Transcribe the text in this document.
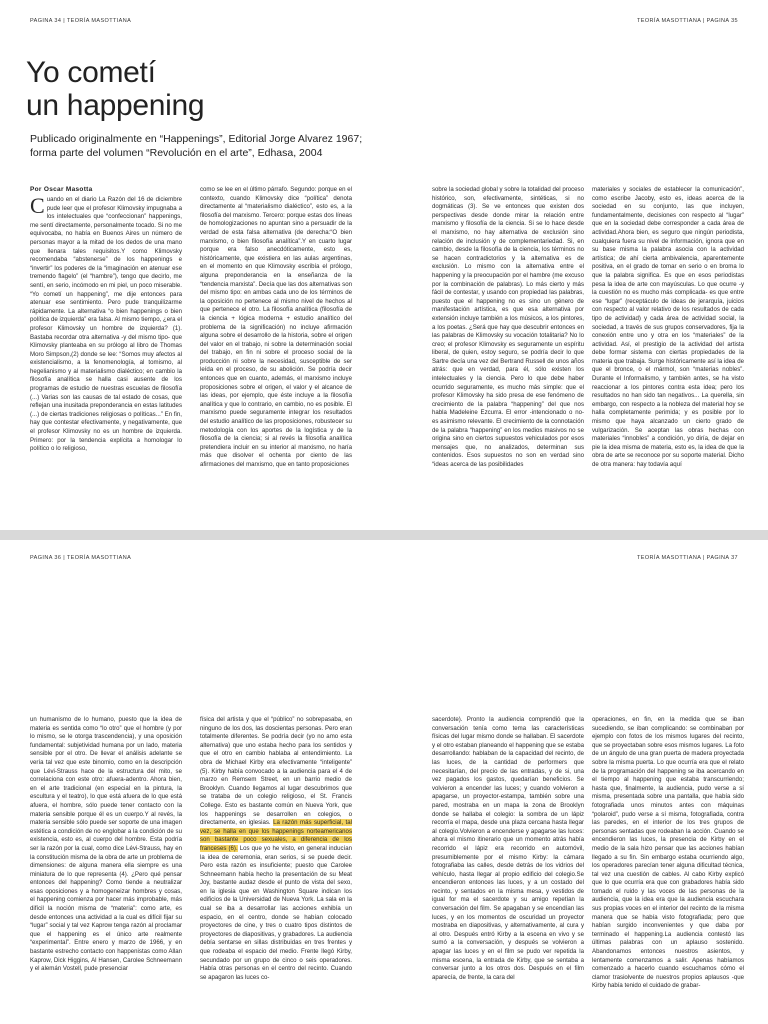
PAGINA 34 | TEORÍA MASOTTIANA	TEORÍA MASOTTIANA | PAGINA 35
Yo cometí
un happening
Publicado originalmente en “Happenings”, Editorial Jorge Alvarez 1967;
forma parte del volumen “Revolución en el arte”, Edhasa, 2004
Por Oscar Masotta

Cuando en el diario La Razón del 16 de diciembre pude leer que el profesor Klimovsky impugnaba a los intelectuales que “confeccionan” happenings, me sentí directamente, personalmente tocado. Si no me equivocaba, no había en Buenos Aires un número de personas mayor a la mitad de los dedos de una mano que llenara tales requisitos.Y como Klimovsky recomendaba “abstenerse” de los happenings e “invertir” los poderes de la “imaginación en atenuar ese tremendo flagelo” (el “hambre”), tengo que decirlo, me sentí, en serio, incómodo en mi piel, un poco miserable. “Yo cometí un happening”, me dije entonces para atenuar ese sentimiento. Pero pude tranquilizarme rápidamente. La alternativa “o bien happenings o bien política de izquierda” era falsa. Al mismo tiempo, ¿era el profesor Klimovsky un hombre de izquierda? (1). Bastaba recordar otra alternativa -y del mismo tipo- que Klimovsky planteaba en su prólogo al libro de Thomas Moro Simpson,(2) donde se lee: “Somos muy afectos al existencialismo, a la fenomenología, al tomismo, al hegelianismo y al materialismo dialéctico; en cambio la filosofía analítica se halla casi ausente de los programas de estudio de nuestras escuelas de filosofía (...) Varias son las causas de tal estado de cosas, que reflejan una inusitada preponderancia en estas latitudes (...) de ciertas tradiciones religiosas o políticas...” En fin, hay que contestar efectivamente, y negativamente, que el profesor Klimovsky no es un hombre de izquierda. Primero: por la tendencia explícita a homologar lo político o lo religioso,

como se lee en el último párrafo. Segundo: porque en el contexto, cuando Klimovsky dice “política” denota directamente al “materialismo dialéctico”, esto es, a la filosofía del marxismo. Tercero: porque estas dos líneas de homologizaciones no apuntan sino a persuadir de la verdad de esta falsa alternativa (de derecha:“O bien marxismo, o bien filosofía analítica”.Y en cuarto lugar porque era falso anecdóticamente, esto es, históricamente, que existiera en las aulas argentinas, en el momento en que Klimovsky escribía el prólogo, alguna preponderancia en la enseñanza de la “tendencia marxista”. Decía que las dos alternativas son del mismo tipo: en ambas cada uno de los términos de la oposición no pertenece al mismo nivel de hechos al que pertenece el otro. La filosofía analítica (filosofía de la ciencia + lógica moderna + estudio analítico del problema de la significación) no incluye afirmación alguna sobre el desarrollo de la historia, sobre el origen del valor en el trabajo, ni sobre la determinación social del trabajo, en fin ni sobre el proceso social de la producción ni sobre la necesidad, susceptible de ser leída en el proceso, de su abolición. Se podría decir entonces que en cuanto, además, el marxismo incluye proposiciones sobre el origen, el valor y el alcance de las ideas, por ejemplo, que éste incluye a la filosofía analítica y que lo contrario, en cambio, no es posible. El marxismo puede seguramente integrar los resultados del estudio analítico de las proposiciones, robustecer su metodología con los aportes de la logística y de la filosofía de la ciencia; si al revés la filosofía analítica pretendiera incluir en su interior al marxismo, no haría más que disolver el ochenta por ciento de las afirmaciones del marxismo, que en tanto proposiciones

sobre la sociedad global y sobre la totalidad del proceso histórico, son, efectivamente, sintéticas, si no dogmáticas (3). Se ve entonces que existen dos perspectivas desde donde mirar la relación entre marxismo y filosofía de la ciencia. Si se lo hace desde el marxismo, no hay alternativa de exclusión sino relación de inclusión y de complementariedad. Si, en cambio, desde la filosofía de la ciencia, los términos no se hacen contradictorios y la alternativa es de exclusión. Lo mismo con la alternativa entre el happening y la preocupación por el hambre (me excuso por la combinación de palabras). Lo más cierto y más fácil de contestar, y usando con propiedad las palabras, puesto que el happening no es sino un género de manifestación artística, es que esa alternativa por extensión incluye también a los músicos, a los pintores, a los poetas. ¿Será que hay que descubrir entonces en las palabras de Klimovsky su vocación totalitaria? No lo creo; el profesor Klimovsky es seguramente un espíritu liberal, de quien, estoy seguro, se podría decir lo que Sartre decía una vez del Bertrand Russell de unos años atrás: que en verdad, para él, sólo existen los intelectuales y la ciencia. Pero lo que debe haber ocurrido seguramente, es mucho más simple: que el profesor Klimovsky ha sido presa de ese fenómeno de crecimiento de la palabra “happening” del que nos habla Madeleine Ezcurra. El error -intencionado o no- es asimismo relevante. El crecimiento de la connotación de la palabra “happening” en los medios masivos no se origina sino en ciertos supuestos vehiculados por esos mensajes que, no analizados, determinan sus contenidos. Esos supuestos no son en verdad sino “ideas acerca de las posibilidades

materiales y sociales de establecer la comunicación”, como escribe Jacoby, esto es, ideas acerca de la sociedad en su conjunto, las que incluyen, fundamentalmente, decisiones con respecto al “lugar” que en la sociedad debe corresponder a cada área de actividad.Ahora bien, es seguro que ningún periodista, cualquiera fuera su nivel de información, ignora que en su base misma la palabra asocia con la actividad artística; de ahí cierta ambivalencia, aparentemente positiva, en el grado de tomar en serio o en broma lo que la palabra significa. Es que en esos periodistas pesa la idea de arte con mayúsculas. Lo que ocurre -y la cuestión no es mucho más complicada- es que entre ese “lugar” (receptáculo de ideas de jerarquía, juicios con respecto al valor relativo de los resultados de cada tipo de actividad) y cada área de actividad social, la sociedad, a través de sus grupos conservadores, fija la conexión entre uno y otra en los “materiales” de la actividad. Así, el prestigio de la actividad del artista debe formar sistema con ciertas propiedades de la materia que trabaja. Surge históricamente así la idea de que el bronce, o el mármol, son “materias nobles”. Durante el Informalismo, y también antes, se ha visto reaccionar a los pintores contra esta idea; pero los resultados no han sido tan negativos... La querella, sin embargo, con respecto a la nobleza del material hoy se halla completamente perimida; y es posible por lo mismo que haya alcanzado un cierto grado de vulgarización. Se aceptan las obras hechas con materiales “innobles” a condición, yo diría, de dejar en pie la idea misma de materia, esto es, la idea de que la obra de arte se reconoce por su soporte material. Dicho de otra manera: hay todavía aquí

PAGINA 36 | TEORÍA MASOTTIANA	TEORÍA MASOTTIANA | PAGINA 37

un humanismo de lo humano, puesto que la idea de materia es sentida como “lo otro” que el hombre (y por lo mismo, se le otorga trascendencia), y una oposición fundamental: subjetividad humana por un lado, materia sensible por el otro. De llevar el análisis adelante se vería tal vez que este binomio, como en la descripción que Lévi-Strauss hace de la estructura del mito, se correlaciona con este otro: afuera-adentro. Ahora bien, en el arte tradicional (en especial en la pintura, la escultura y el teatro), lo que está afuera de lo que está afuera, el hombre, sólo puede tener contacto con la materia sensible porque él es un cuerpo.Y al revés, la materia sensible sólo puede ser soporte de una imagen estética a condición de no englobar a la condición de su existencia, esto es, al cuerpo del hombre. Esta podría ser la razón por la cual, como dice Lévi-Strauss, hay en la constitución misma de la obra de arte un problema de dimensiones: de alguna manera ella siempre es una miniatura de lo que representa (4). ¿Pero qué pensar entonces del happening? Como tiende a neutralizar esas oposiciones y a homogeneizar hombres y cosas, el happening comienza por hacer más improbable, más difícil la noción misma de “materia”: como arte, es desde entonces una actividad a la cual es difícil fijar su “lugar” social y tal vez Kaprow tenga razón al proclamar que el happening es el único arte realmente “experimental”. Entre enero y marzo de 1966, y en bastante estrecho contacto con happenistas como Allan Kaprow, Dick Higgins, Al Hansen, Carolee Schneemann y el alemán Vostell, pude presenciar

física del artista y que el “público” no sobrepasaba, en ninguno de los dos, las doscientas personas. Pero eran totalmente diferentes. Se podría decir (yo no amo esta alternativa) que uno estaba hecho para los sentidos y que el otro en cambio hablaba al entendimiento. La obra de Michael Kirby era efectivamente “inteligente” (5). Kirby había convocado a la audiencia para el 4 de marzo en Remsem Street, en un barrio medio de Brooklyn. Cuando llegamos al lugar descubrimos que se trataba de un colegio religioso, el St. Francis College. Esto es bastante común en Nueva York, que los happenings se desarrollen en colegios, o directamente, en iglesias. La razón más superficial, tal vez, se halla en que los happenings norteamericanos son bastante poco sexuales, a diferencia de los franceses (6). Los que yo he visto, en general inducían la idea de ceremonia, eran serios, si se puede decir. Pero esta razón es insuficiente; puesto que Carolee Schneemann había hecho la presentación de su Meat Joy, bastante audaz desde el punto de vista del sexo, en la iglesia que en Washington Square indican los edificios de la Universidad de Nueva York. La sala en la cual se iba a desarrollar las acciones exhibía un espacio, en el centro, donde se habían colocado proyectores de cine, y tres o cuatro tipos distintos de proyectores de diapositivas, y grabadores. La audiencia debía sentarse en sillas distribuidas en tres frentes y que rodeaba el espacio del medio. Frente llegó Kirby, secundado por un grupo de cinco o seis operadores. Había otras personas en el centro del recinto. Cuando se apagaron las luces co-

sacerdote). Pronto la audiencia comprendió que la conversación tenía como tema las características físicas del lugar mismo donde se hallaban. El sacerdote y el otro estaban planeando el happening que se estaba desarrollando: hablaban de la capacidad del recinto, de las luces, de la cantidad de performers que necesitarían, del precio de las entradas, y de si, una vez pagados los gastos, quedarían beneficios. Se volvieron a encender las luces; y cuando volvieron a apagarse, un proyector-estampa, también sobre una pared, mostraba en un mapa la zona de Brooklyn donde se hallaba el colegio: la sombra de un lápiz recorría el mapa, desde una plaza cercana hasta llegar al colegio.Volvieron a encenderse y apagarse las luces: ahora el mismo itinerario que un momento atrás había recorrido el lápiz era recorrido en automóvil, presumiblemente por el mismo Kirby: la cámara fotografiaba las calles, desde detrás de los vidrios del vehículo, hasta llegar al propio edificio del colegio.Se encendieron entonces las luces, y a un costado del recinto, y sentados en la misma mesa, y vestidos de igual for ma el sacerdote y su amigo repetían la conversación del film. Se apagaban y se encendían las luces, y en los momentos de oscuridad un proyector mostraba en diapositivas, y alternativamente, al cura y al otro. Después entró Kirby a la escena en vivo y se sumó a la conversación, y después se volvieron a apagar las luces y en el film se pudo ver repetida la misma escena, la entrada de Kirby, que se sentaba a conversar junto a los otros dos. Después en el film aparecía, de frente, la cara del

operaciones, en fin, en la medida que se iban sucediendo, se iban complicando: se combinaban por ejemplo con fotos de los mismos lugares del recinto, que se proyectaban sobre esos mismos lugares. La foto de un ángulo de una gran puerta de madera proyectada sobre la misma puerta. Lo que ocurría era que el relato de la programación del happening se iba acercando en el tiempo al happening que estaba transcurriendo; hasta que, finalmente, la audiencia, pudo verse a sí misma, presentada sobre una pantalla, que había sido fotografiada unos minutos antes con máquinas “polaroid”, pudo verse a sí misma, fotografiada, contra las paredes, en el interior de los tres grupos de personas sentadas que rodeaban la acción. Cuando se encendieron las luces, la presencia de Kirby en el medio de la sala hizo pensar que las acciones habían llegado a su fin. Sin embargo estaba ocurriendo algo, los operadores parecían tener alguna dificultad técnica, tal vez una cuestión de cables. Al cabo Kirby explicó que lo que ocurría era que con grabadores había sido tomado el ruido y las voces de las personas de la audiencia, que la idea era que la audiencia escuchara sus propias voces en el interior del recinto de la misma manera que se había visto fotografiada; pero que habían surgido inconvenientes y que daba por terminado el happening.La audiencia contestó las últimas palabras con un aplauso sostenido. Abandonamos entonces nuestros asientos, y lentamente comenzamos a salir. Apenas habíamos comenzado a hacerlo cuando escuchamos cómo el clamor trasiolvente de nuestros propios aplausos -que Kirby había tenido el cuidado de grabar-
